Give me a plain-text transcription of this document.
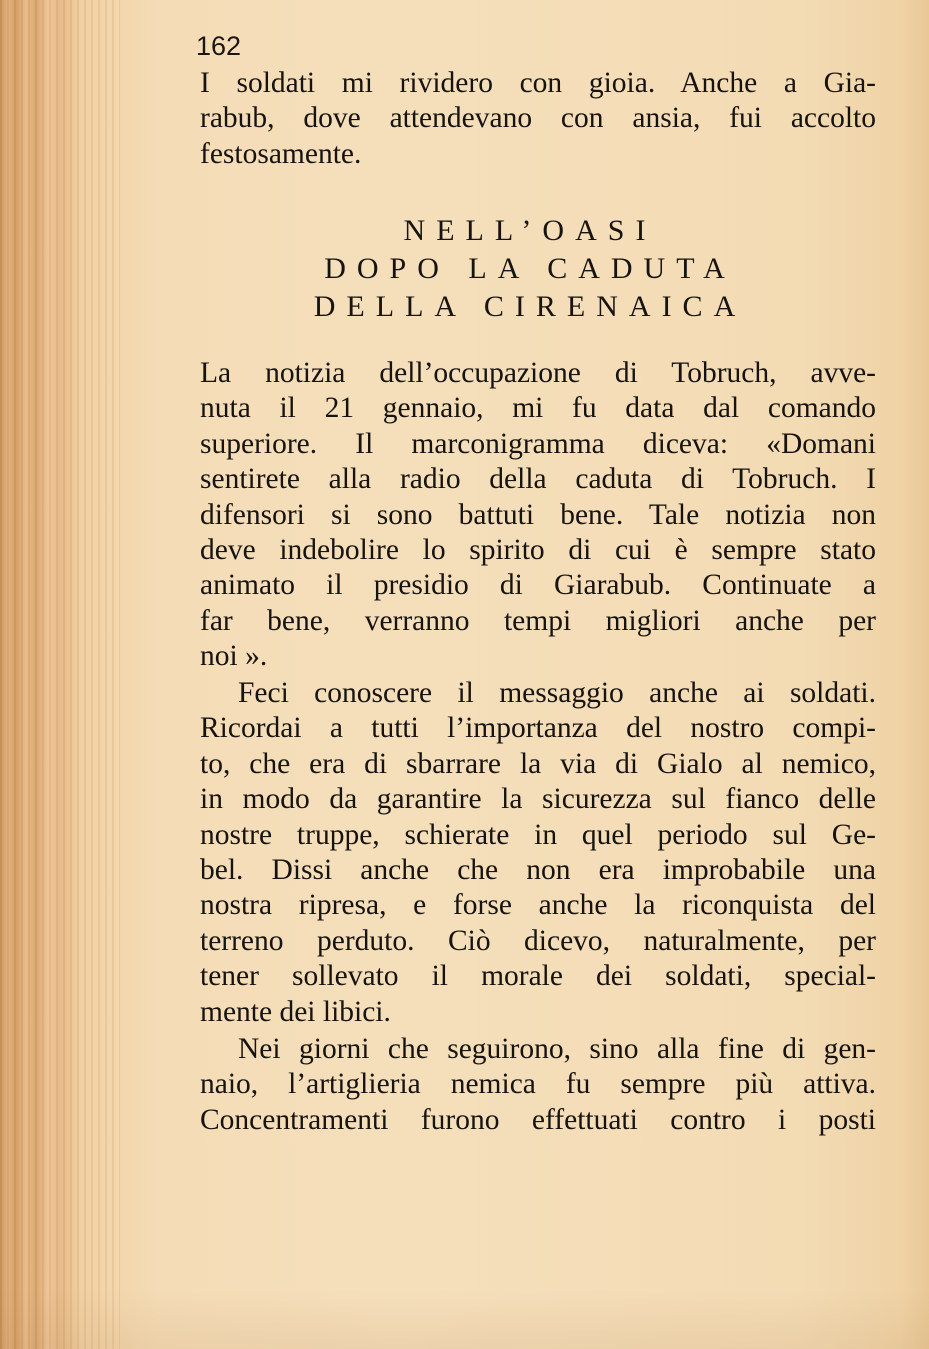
162
I soldati mi rividero con gioia. Anche a Gia-
rabub, dove attendevano con ansia, fui accolto
festosamente.
NELL’OASI
DOPO LA CADUTA
DELLA CIRENAICA
La notizia dell’occupazione di Tobruch, avve-
nuta il 21 gennaio, mi fu data dal comando
superiore. Il marconigramma diceva: «Domani
sentirete alla radio della caduta di Tobruch. I
difensori si sono battuti bene. Tale notizia non
deve indebolire lo spirito di cui è sempre stato
animato il presidio di Giarabub. Continuate a
far bene, verranno tempi migliori anche per
noi ».
Feci conoscere il messaggio anche ai soldati.
Ricordai a tutti l’importanza del nostro compi-
to, che era di sbarrare la via di Gialo al nemico,
in modo da garantire la sicurezza sul fianco delle
nostre truppe, schierate in quel periodo sul Ge-
bel. Dissi anche che non era improbabile una
nostra ripresa, e forse anche la riconquista del
terreno perduto. Ciò dicevo, naturalmente, per
tener sollevato il morale dei soldati, special-
mente dei libici.
Nei giorni che seguirono, sino alla fine di gen-
naio, l’artiglieria nemica fu sempre più attiva.
Concentramenti furono effettuati contro i posti
